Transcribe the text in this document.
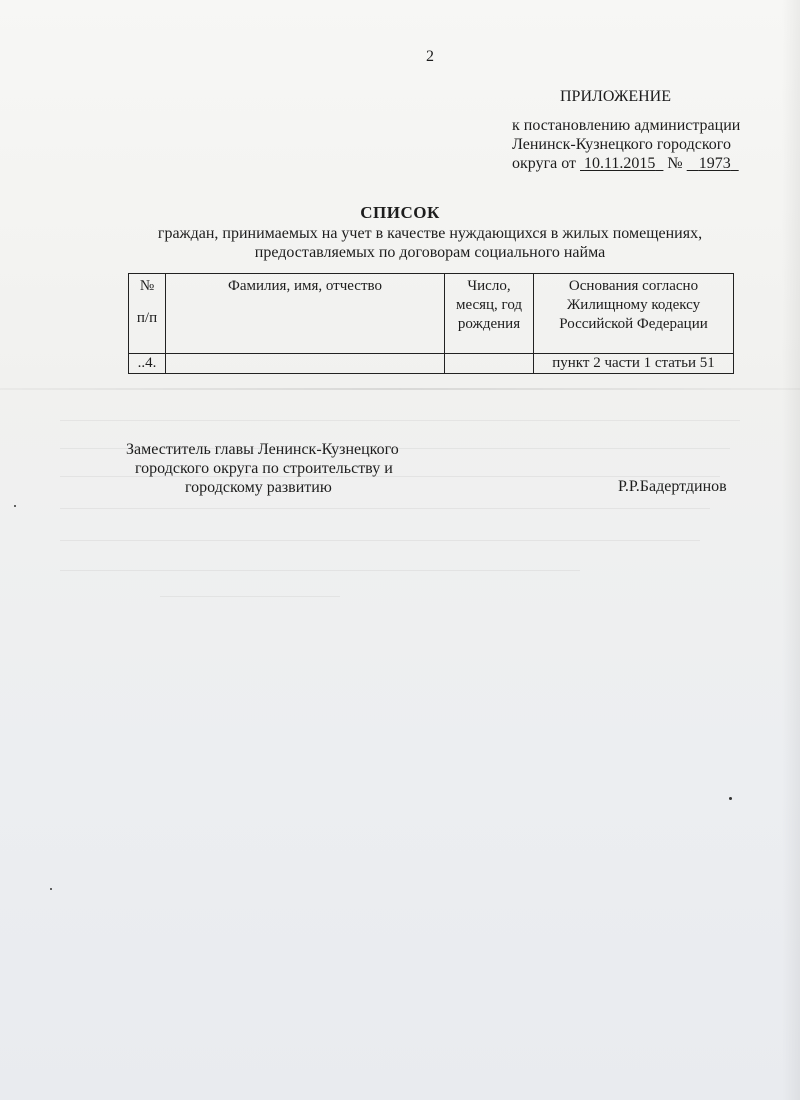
2
ПРИЛОЖЕНИЕ
к постановлению администрации
Ленинск-Кузнецкого городского
округа от  10.11.2015 № 1973
СПИСОК
граждан, принимаемых на учет в качестве нуждающихся в жилых помещениях, предоставляемых по договорам социального найма
№
п/п	Фамилия, имя, отчество	Число, месяц, год рождения	Основания согласно Жилищному кодексу Российской Федерации
..4.			пункт 2 части 1 статьи 51
Заместитель главы Ленинск-Кузнецкого
городского округа по строительству и
городскому развитию	Р.Р.Бадертдинов
